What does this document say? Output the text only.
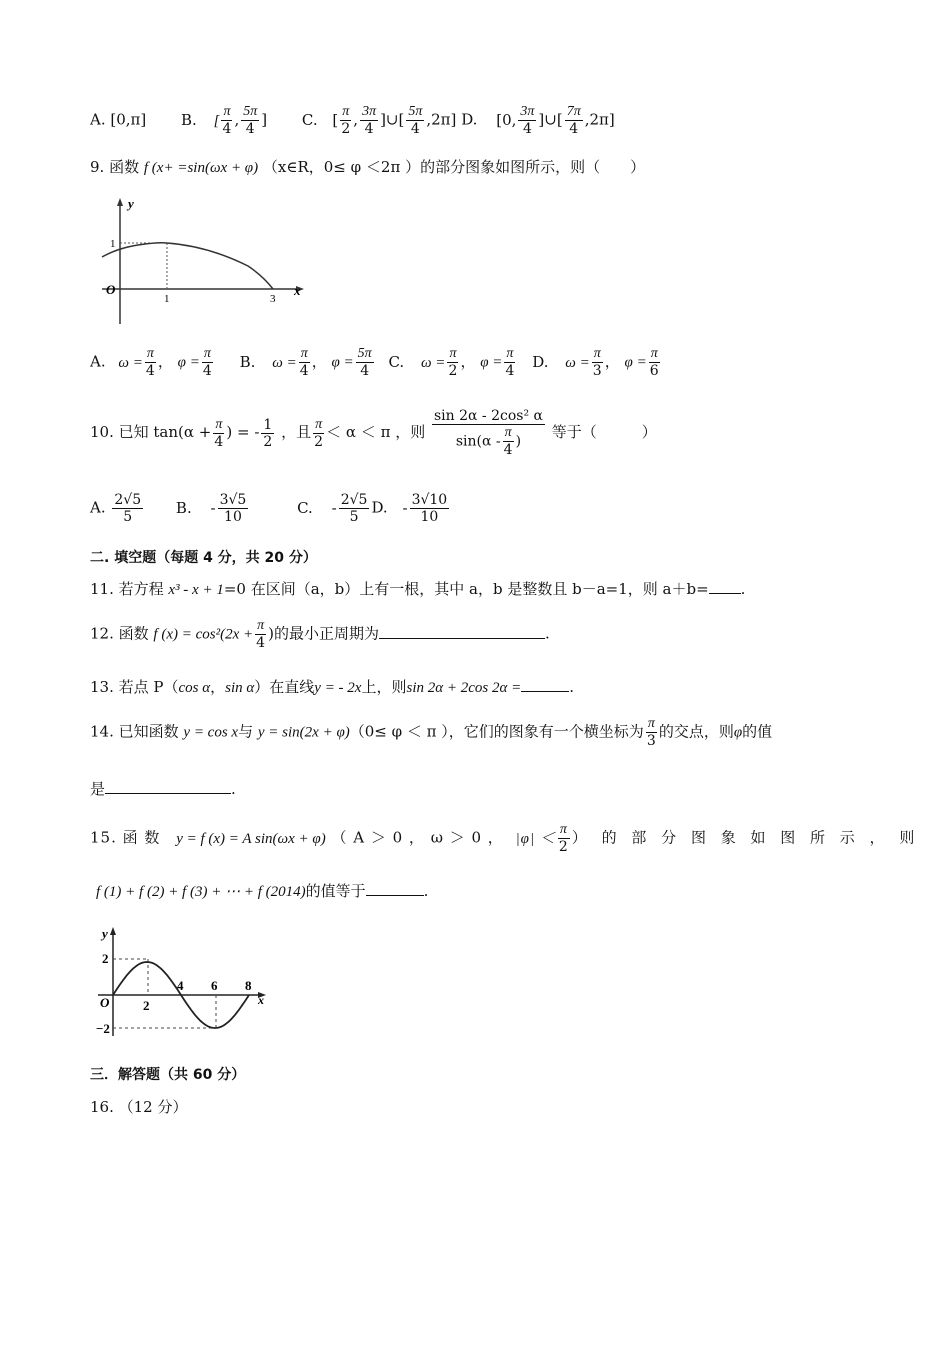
A. [0,π] B. [ $\frac{\pi}{4}$ , $\frac{5\pi}{4}$ ] C. [ $\frac{\pi}{2}$ , $\frac{3\pi}{4}$ ]∪[ $\frac{5\pi}{4} ,2\pi$] D. [0, $\frac{3\pi}{4}$ ]∪[ $\frac{7\pi}{4} ,2\pi$]
9. 函数 f (x+ =sin(ωx + φ) （x∈R，0≤ φ ＜2π ）的部分图象如图所示，则（　　）
y
x
O
1
1	3
A. $\omega = \frac{\pi}{4}$ ， $\varphi = \frac{\pi}{4} B$. $\omega = \frac{\pi}{4}$ ， $\varphi = \frac{5\pi}{4} C$. $\omega = \frac{\pi}{2}$ ， $\varphi = \frac{\pi}{4} D$. $\omega = \frac{\pi}{3}$ ， $\varphi = \frac{\pi}{6}$
10. 已知 $\tan(\alpha + \frac{\pi}{4}$ ) = - $\frac{1}{2}$ ，且 $\frac{\pi}{2} < \alpha < \pi$ ，则 $\frac{\text{sin 2α - 2cos² α}}{\sin(\alpha - \frac{\pi}{4} )}$ 等于（　　　）
A. $\frac{2√5}{5} B$. - $\frac{3√5}{10}$	C. - $\frac{2√5}{5} D$. - $\frac{3√10}{10}$
二. 填空题（每题 4 分，共 20 分）
11. 若方程 x³ - x + 1=0 在区间（a，b）上有一根，其中 a，b 是整数且 b－a=1，则 a＋b= .
12. 函数 f $(x) = \cos^2(2x + \frac{\pi}{4}$ )的最小正周期为	.
13. 若点 P（cos α，sin α）在直线y = - 2x上，则sin 2α + 2cos 2α =	.
14. 已知函数 y = cos x与 y = sin(2x + φ)（0≤ φ ＜ π ），它们的图象有一个横坐标为 $\frac{\pi}{3}$ 的交点，则φ的值
是	.
15. 函 数 y = f (x) = A sin(ωx + φ) （ A ＞ 0 ， ω ＞ 0 ， $|\varphi| < \frac{\pi}{2}$ ） 的 部 分 图 象 如 图 所 示 ， 则
f (1) + f (2) + f (3) + ⋯ + f (2014)的值等于	.
y
x
O
2
−2
2
4 6 8
三．解答题（共 60 分）
16. （12 分）
